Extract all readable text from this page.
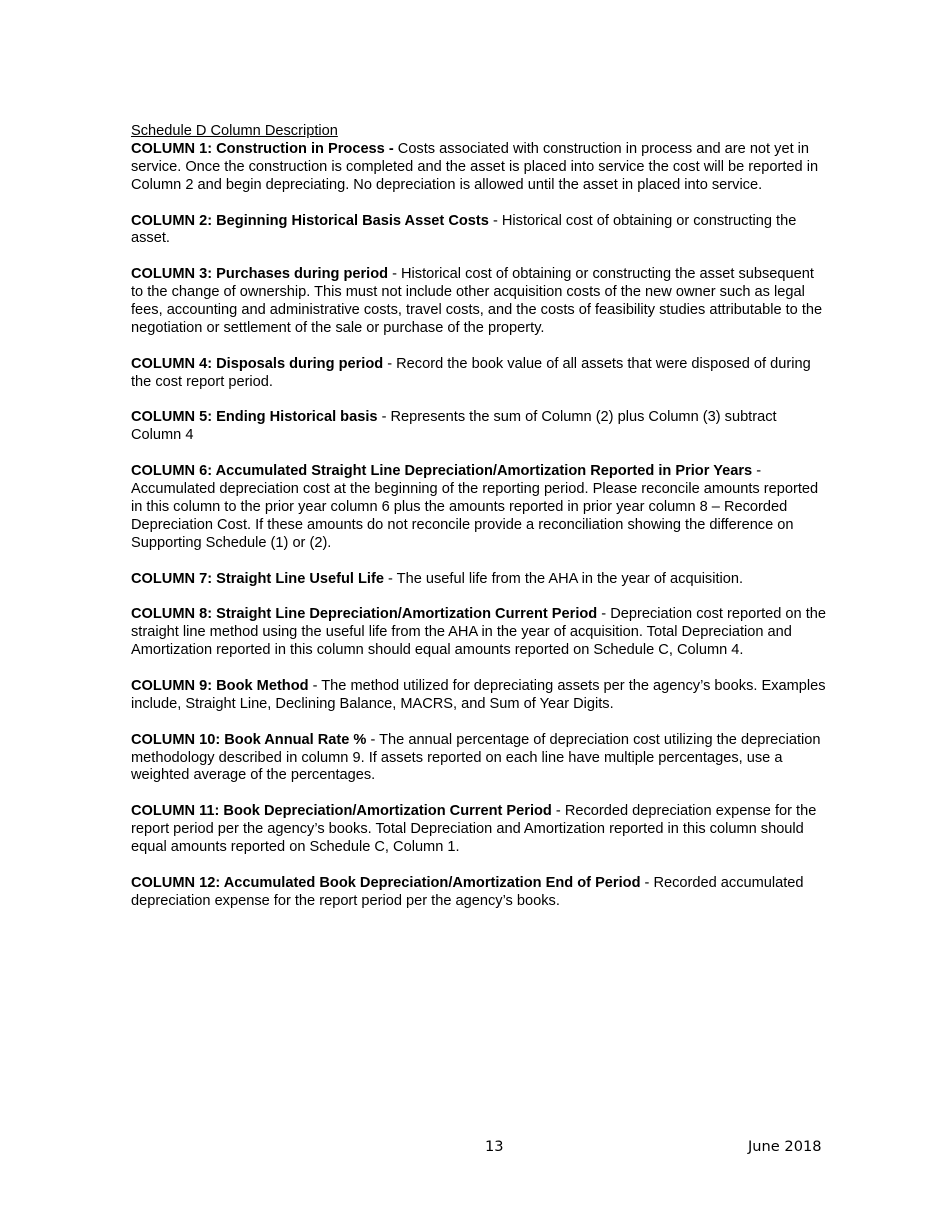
Schedule D Column Description

COLUMN 1: Construction in Process - Costs associated with construction in process and are not yet in service. Once the construction is completed and the asset is placed into service the cost will be reported in Column 2 and begin depreciating. No depreciation is allowed until the asset in placed into service.

COLUMN 2: Beginning Historical Basis Asset Costs - Historical cost of obtaining or constructing the asset.

COLUMN 3: Purchases during period - Historical cost of obtaining or constructing the asset subsequent to the change of ownership. This must not include other acquisition costs of the new owner such as legal fees, accounting and administrative costs, travel costs, and the costs of feasibility studies attributable to the negotiation or settlement of the sale or purchase of the property.

COLUMN 4: Disposals during period - Record the book value of all assets that were disposed of during the cost report period.

COLUMN 5: Ending Historical basis - Represents the sum of Column (2) plus Column (3) subtract Column 4

COLUMN 6: Accumulated Straight Line Depreciation/Amortization Reported in Prior Years - Accumulated depreciation cost at the beginning of the reporting period. Please reconcile amounts reported in this column to the prior year column 6 plus the amounts reported in prior year column 8 – Recorded Depreciation Cost. If these amounts do not reconcile provide a reconciliation showing the difference on Supporting Schedule (1) or (2).

COLUMN 7: Straight Line Useful Life - The useful life from the AHA in the year of acquisition.

COLUMN 8: Straight Line Depreciation/Amortization Current Period - Depreciation cost reported on the straight line method using the useful life from the AHA in the year of acquisition. Total Depreciation and Amortization reported in this column should equal amounts reported on Schedule C, Column 4.

COLUMN 9: Book Method - The method utilized for depreciating assets per the agency’s books. Examples include, Straight Line, Declining Balance, MACRS, and Sum of Year Digits.

COLUMN 10: Book Annual Rate % - The annual percentage of depreciation cost utilizing the depreciation methodology described in column 9. If assets reported on each line have multiple percentages, use a weighted average of the percentages.

COLUMN 11: Book Depreciation/Amortization Current Period - Recorded depreciation expense for the report period per the agency’s books. Total Depreciation and Amortization reported in this column should equal amounts reported on Schedule C, Column 1.

COLUMN 12: Accumulated Book Depreciation/Amortization End of Period - Recorded accumulated depreciation expense for the report period per the agency’s books.

13	June 2018
